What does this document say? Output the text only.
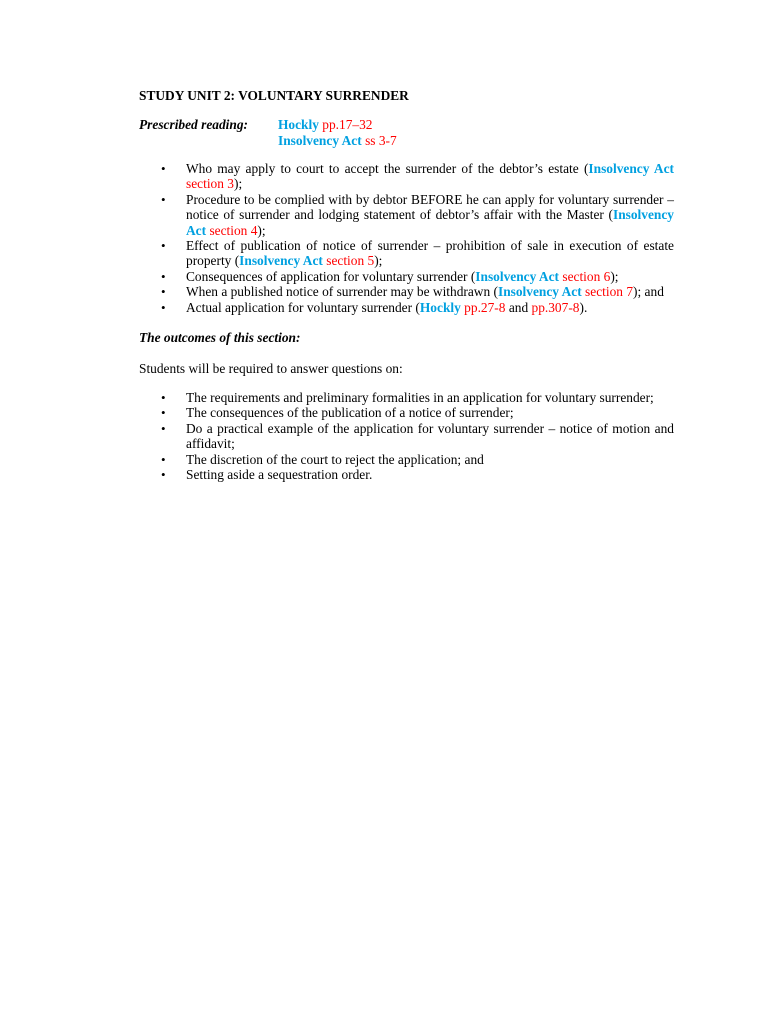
STUDY UNIT 2: VOLUNTARY SURRENDER
Prescribed reading:	Hockly pp.17–32
Insolvency Act ss 3-7
• Who may apply to court to accept the surrender of the debtor’s estate (Insolvency Act section 3);
• Procedure to be complied with by debtor BEFORE he can apply for voluntary surrender – notice of surrender and lodging statement of debtor’s affair with the Master (Insolvency Act section 4);
• Effect of publication of notice of surrender – prohibition of sale in execution of estate property (Insolvency Act section 5);
• Consequences of application for voluntary surrender (Insolvency Act section 6);
• When a published notice of surrender may be withdrawn (Insolvency Act section 7); and
• Actual application for voluntary surrender (Hockly pp.27-8 and pp.307-8).
The outcomes of this section:
Students will be required to answer questions on:
• The requirements and preliminary formalities in an application for voluntary surrender;
• The consequences of the publication of a notice of surrender;
• Do a practical example of the application for voluntary surrender – notice of motion and affidavit;
• The discretion of the court to reject the application; and
• Setting aside a sequestration order.
